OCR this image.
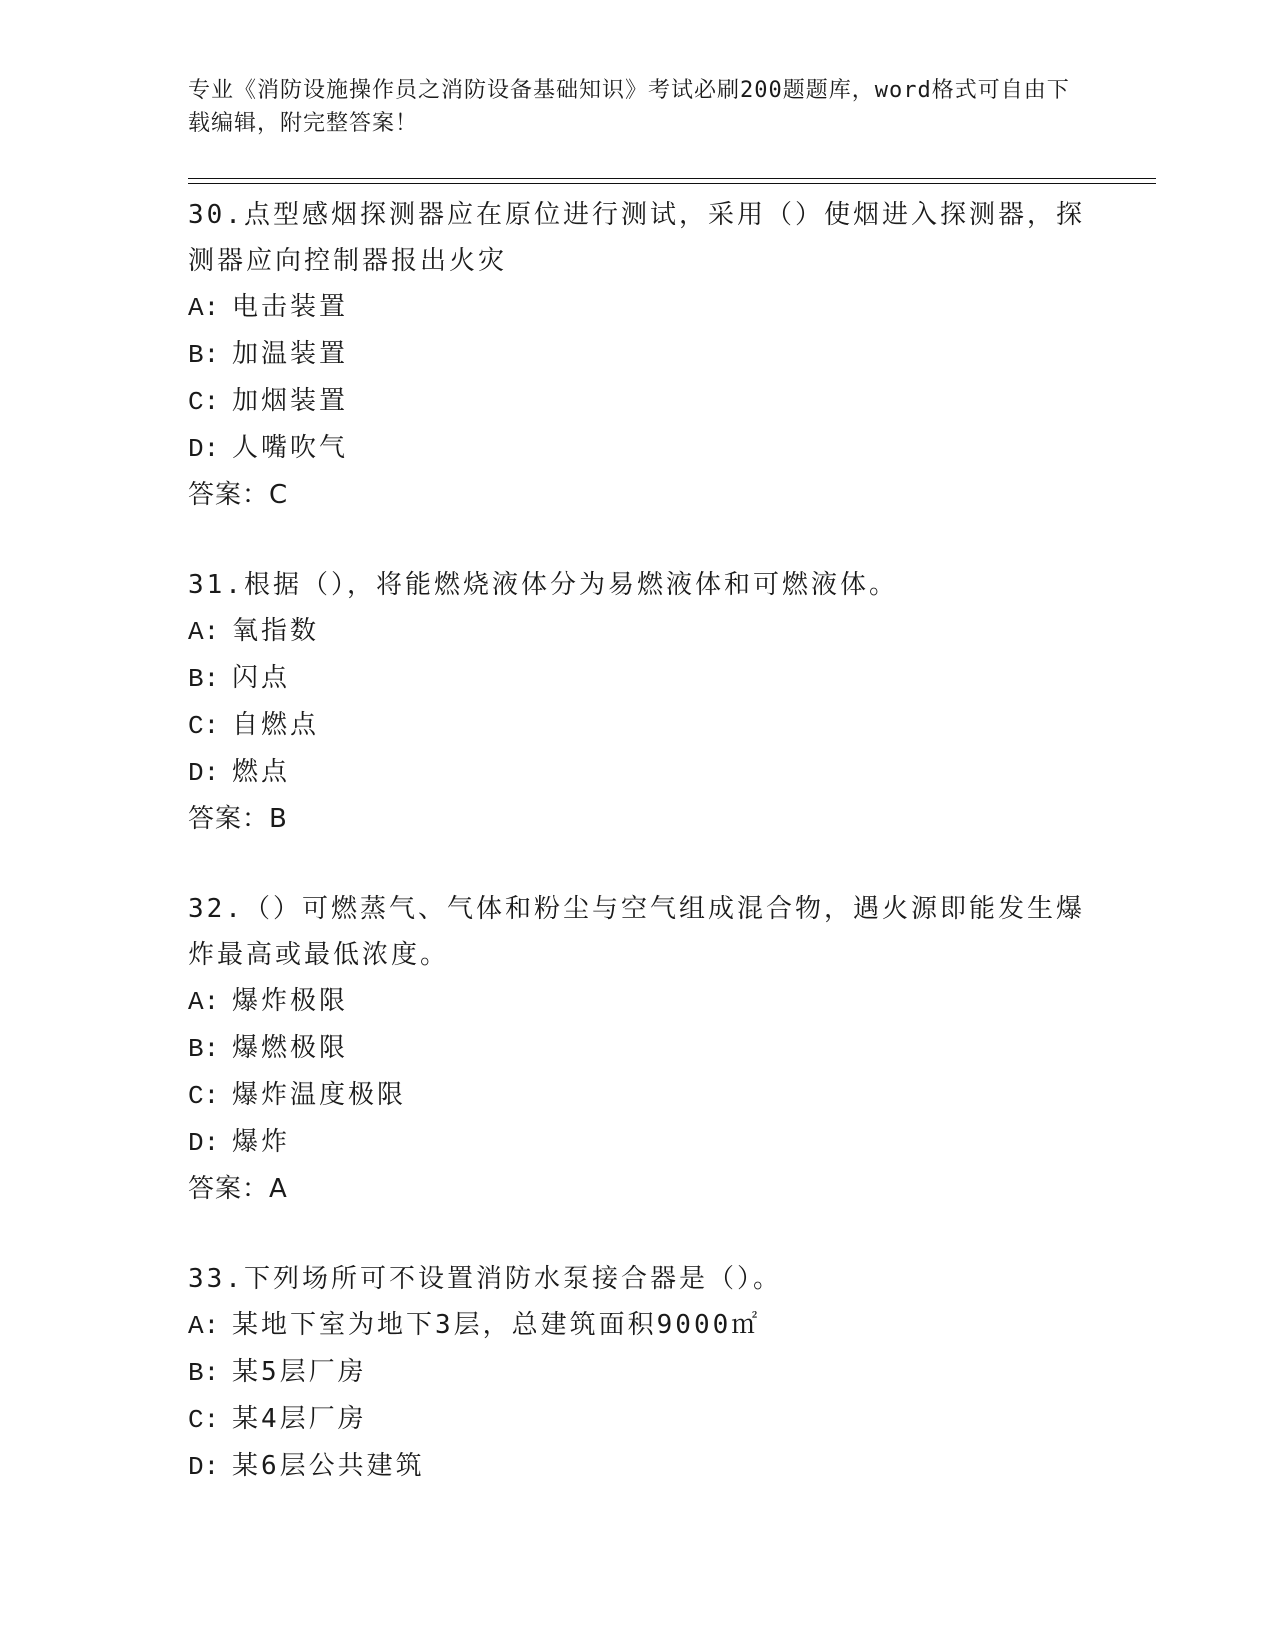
专业《消防设施操作员之消防设备基础知识》考试必刷200题题库，word格式可自由下载编辑，附完整答案！
30.点型感烟探测器应在原位进行测试，采用（）使烟进入探测器，探测器应向控制器报出火灾
A: 电击装置
B: 加温装置
C: 加烟装置
D: 人嘴吹气
答案：C
31.根据（），将能燃烧液体分为易燃液体和可燃液体。
A: 氧指数
B: 闪点
C: 自燃点
D: 燃点
答案：B
32.（）可燃蒸气、气体和粉尘与空气组成混合物，遇火源即能发生爆炸最高或最低浓度。
A: 爆炸极限
B: 爆燃极限
C: 爆炸温度极限
D: 爆炸
答案：A
33.下列场所可不设置消防水泵接合器是（）。
A: 某地下室为地下3层，总建筑面积9000㎡
B: 某5层厂房
C: 某4层厂房
D: 某6层公共建筑
